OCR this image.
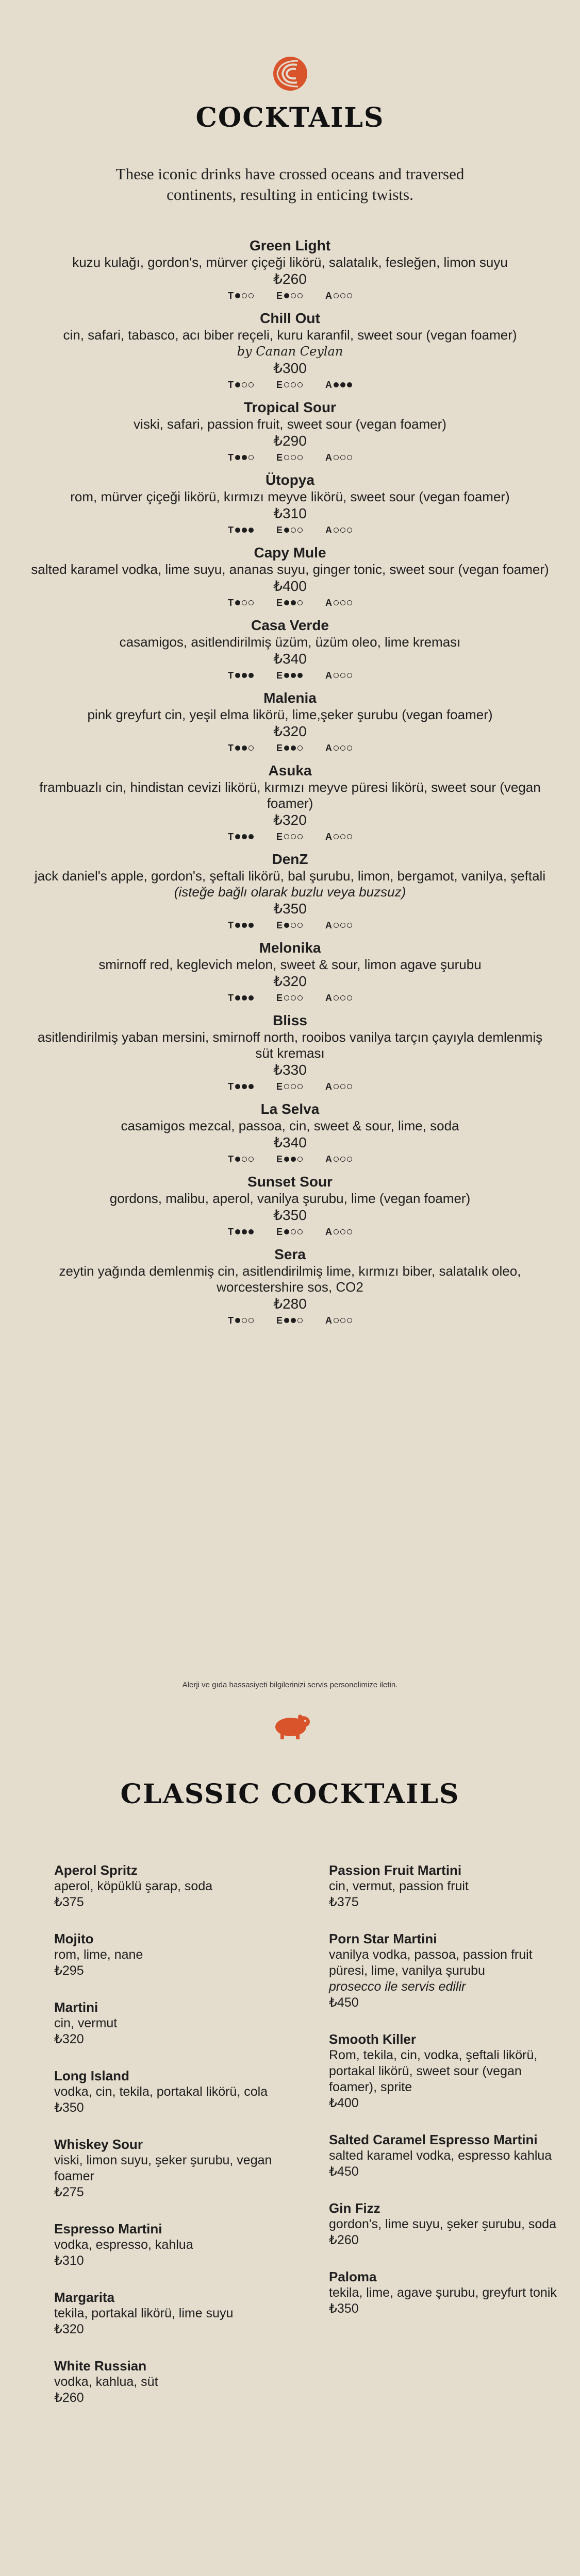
COCKTAILS
These iconic drinks have crossed oceans and traversed continents, resulting in enticing twists.
Green Light
kuzu kulağı, gordon's, mürver çiçeği likörü, salatalık, fesleğen, limon suyu
₺260
T	E	A
Chill Out
cin, safari, tabasco, acı biber reçeli, kuru karanfil, sweet sour (vegan foamer)
by Canan Ceylan
₺300
T	E	A
Tropical Sour
viski, safari, passion fruit, sweet sour (vegan foamer)
₺290
T	E	A
Ütopya
rom, mürver çiçeği likörü, kırmızı meyve likörü, sweet sour (vegan foamer)
₺310
T	E	A
Capy Mule
salted karamel vodka, lime suyu, ananas suyu, ginger tonic, sweet sour (vegan foamer)
₺400
T	E	A
Casa Verde
casamigos, asitlendirilmiş üzüm, üzüm oleo, lime kreması
₺340
T	E	A
Malenia
pink greyfurt cin, yeşil elma likörü, lime,şeker şurubu (vegan foamer)
₺320
T	E	A
Asuka
frambuazlı cin, hindistan cevizi likörü, kırmızı meyve püresi likörü, sweet sour (vegan foamer)
₺320
T	E	A
DenZ
jack daniel's apple, gordon's, şeftali likörü, bal şurubu, limon, bergamot, vanilya, şeftali
(isteğe bağlı olarak buzlu veya buzsuz)
₺350
T	E	A
Melonika
smirnoff red, keglevich melon, sweet & sour, limon agave şurubu
₺320
T	E	A
Bliss
asitlendirilmiş yaban mersini, smirnoff north, rooibos vanilya tarçın çayıyla demlenmiş süt kreması
₺330
T	E	A
La Selva
casamigos mezcal, passoa, cin, sweet & sour, lime, soda
₺340
T	E	A
Sunset Sour
gordons, malibu, aperol, vanilya şurubu, lime (vegan foamer)
₺350
T	E	A
Sera
zeytin yağında demlenmiş cin, asitlendirilmiş lime, kırmızı biber, salatalık oleo, worcestershire sos, CO2
₺280
T	E	A
Alerji ve gıda hassasiyeti bilgilerinizi servis personelimize iletin.
CLASSIC COCKTAILS
Aperol Spritz
aperol, köpüklü şarap, soda
₺375
Mojito
rom, lime, nane
₺295
Martini
cin, vermut
₺320
Long Island
vodka, cin, tekila, portakal likörü, cola
₺350
Whiskey Sour
viski, limon suyu, şeker şurubu, vegan foamer
₺275
Espresso Martini
vodka, espresso, kahlua
₺310
Margarita
tekila, portakal likörü, lime suyu
₺320
White Russian
vodka, kahlua, süt
₺260
Passion Fruit Martini
cin, vermut, passion fruit
₺375
Porn Star Martini
vanilya vodka, passoa, passion fruit püresi, lime, vanilya şurubu
prosecco ile servis edilir
₺450
Smooth Killer
Rom, tekila, cin, vodka, şeftali likörü, portakal likörü, sweet sour (vegan foamer), sprite
₺400
Salted Caramel Espresso Martini
salted karamel vodka, espresso kahlua
₺450
Gin Fizz
gordon's, lime suyu, şeker şurubu, soda
₺260
Paloma
tekila, lime, agave şurubu, greyfurt tonik
₺350
